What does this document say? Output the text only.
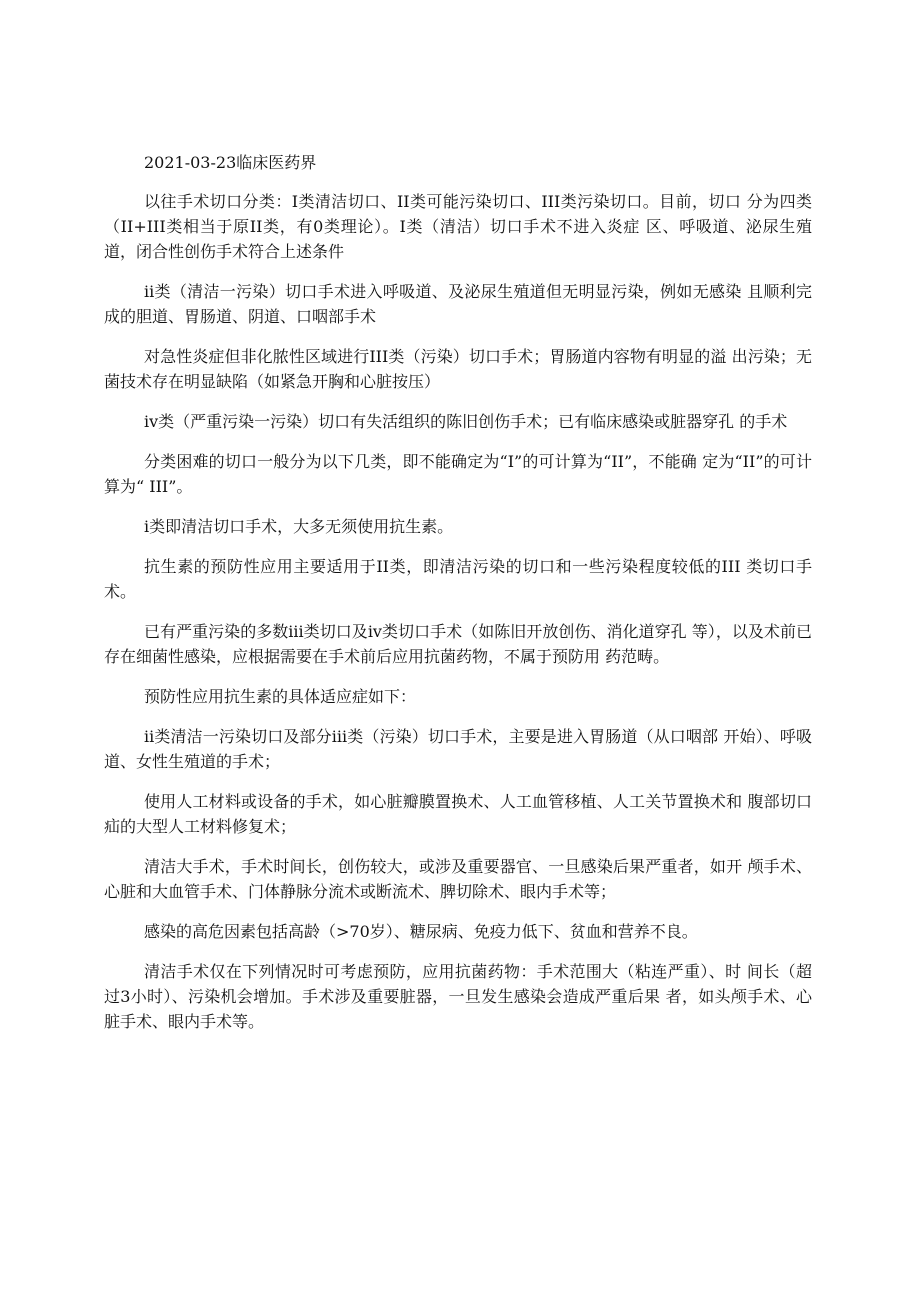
2021-03-23临床医药界

以往手术切口分类：I类清洁切口、II类可能污染切口、III类污染切口。目前，切口 分为四类（II+III类相当于原II类，有0类理论）。I类（清洁）切口手术不进入炎症 区、呼吸道、泌尿生殖道，闭合性创伤手术符合上述条件

ii类（清洁一污染）切口手术进入呼吸道、及泌尿生殖道但无明显污染，例如无感染 且顺利完成的胆道、胃肠道、阴道、口咽部手术

对急性炎症但非化脓性区域进行III类（污染）切口手术；胃肠道内容物有明显的溢 出污染；无菌技术存在明显缺陷（如紧急开胸和心脏按压）

iv类（严重污染一污染）切口有失活组织的陈旧创伤手术；已有临床感染或脏器穿孔 的手术

分类困难的切口一般分为以下几类，即不能确定为“I”的可计算为“II”，不能确 定为“II”的可计算为“ III”。

i类即清洁切口手术，大多无须使用抗生素。

抗生素的预防性应用主要适用于II类，即清洁污染的切口和一些污染程度较低的III 类切口手术。

已有严重污染的多数iii类切口及iv类切口手术（如陈旧开放创伤、消化道穿孔 等），以及术前已存在细菌性感染，应根据需要在手术前后应用抗菌药物，不属于预防用 药范畴。

预防性应用抗生素的具体适应症如下：

ii类清洁一污染切口及部分iii类（污染）切口手术，主要是进入胃肠道（从口咽部 开始）、呼吸道、女性生殖道的手术；

使用人工材料或设备的手术，如心脏瓣膜置换术、人工血管移植、人工关节置换术和 腹部切口疝的大型人工材料修复术；

清洁大手术，手术时间长，创伤较大，或涉及重要器官、一旦感染后果严重者，如开 颅手术、心脏和大血管手术、门体静脉分流术或断流术、脾切除术、眼内手术等；

感染的高危因素包括高龄（>70岁）、糖尿病、免疫力低下、贫血和营养不良。

清洁手术仅在下列情况时可考虑预防，应用抗菌药物：手术范围大（粘连严重）、时 间长（超过3小时）、污染机会增加。手术涉及重要脏器，一旦发生感染会造成严重后果 者，如头颅手术、心脏手术、眼内手术等。
